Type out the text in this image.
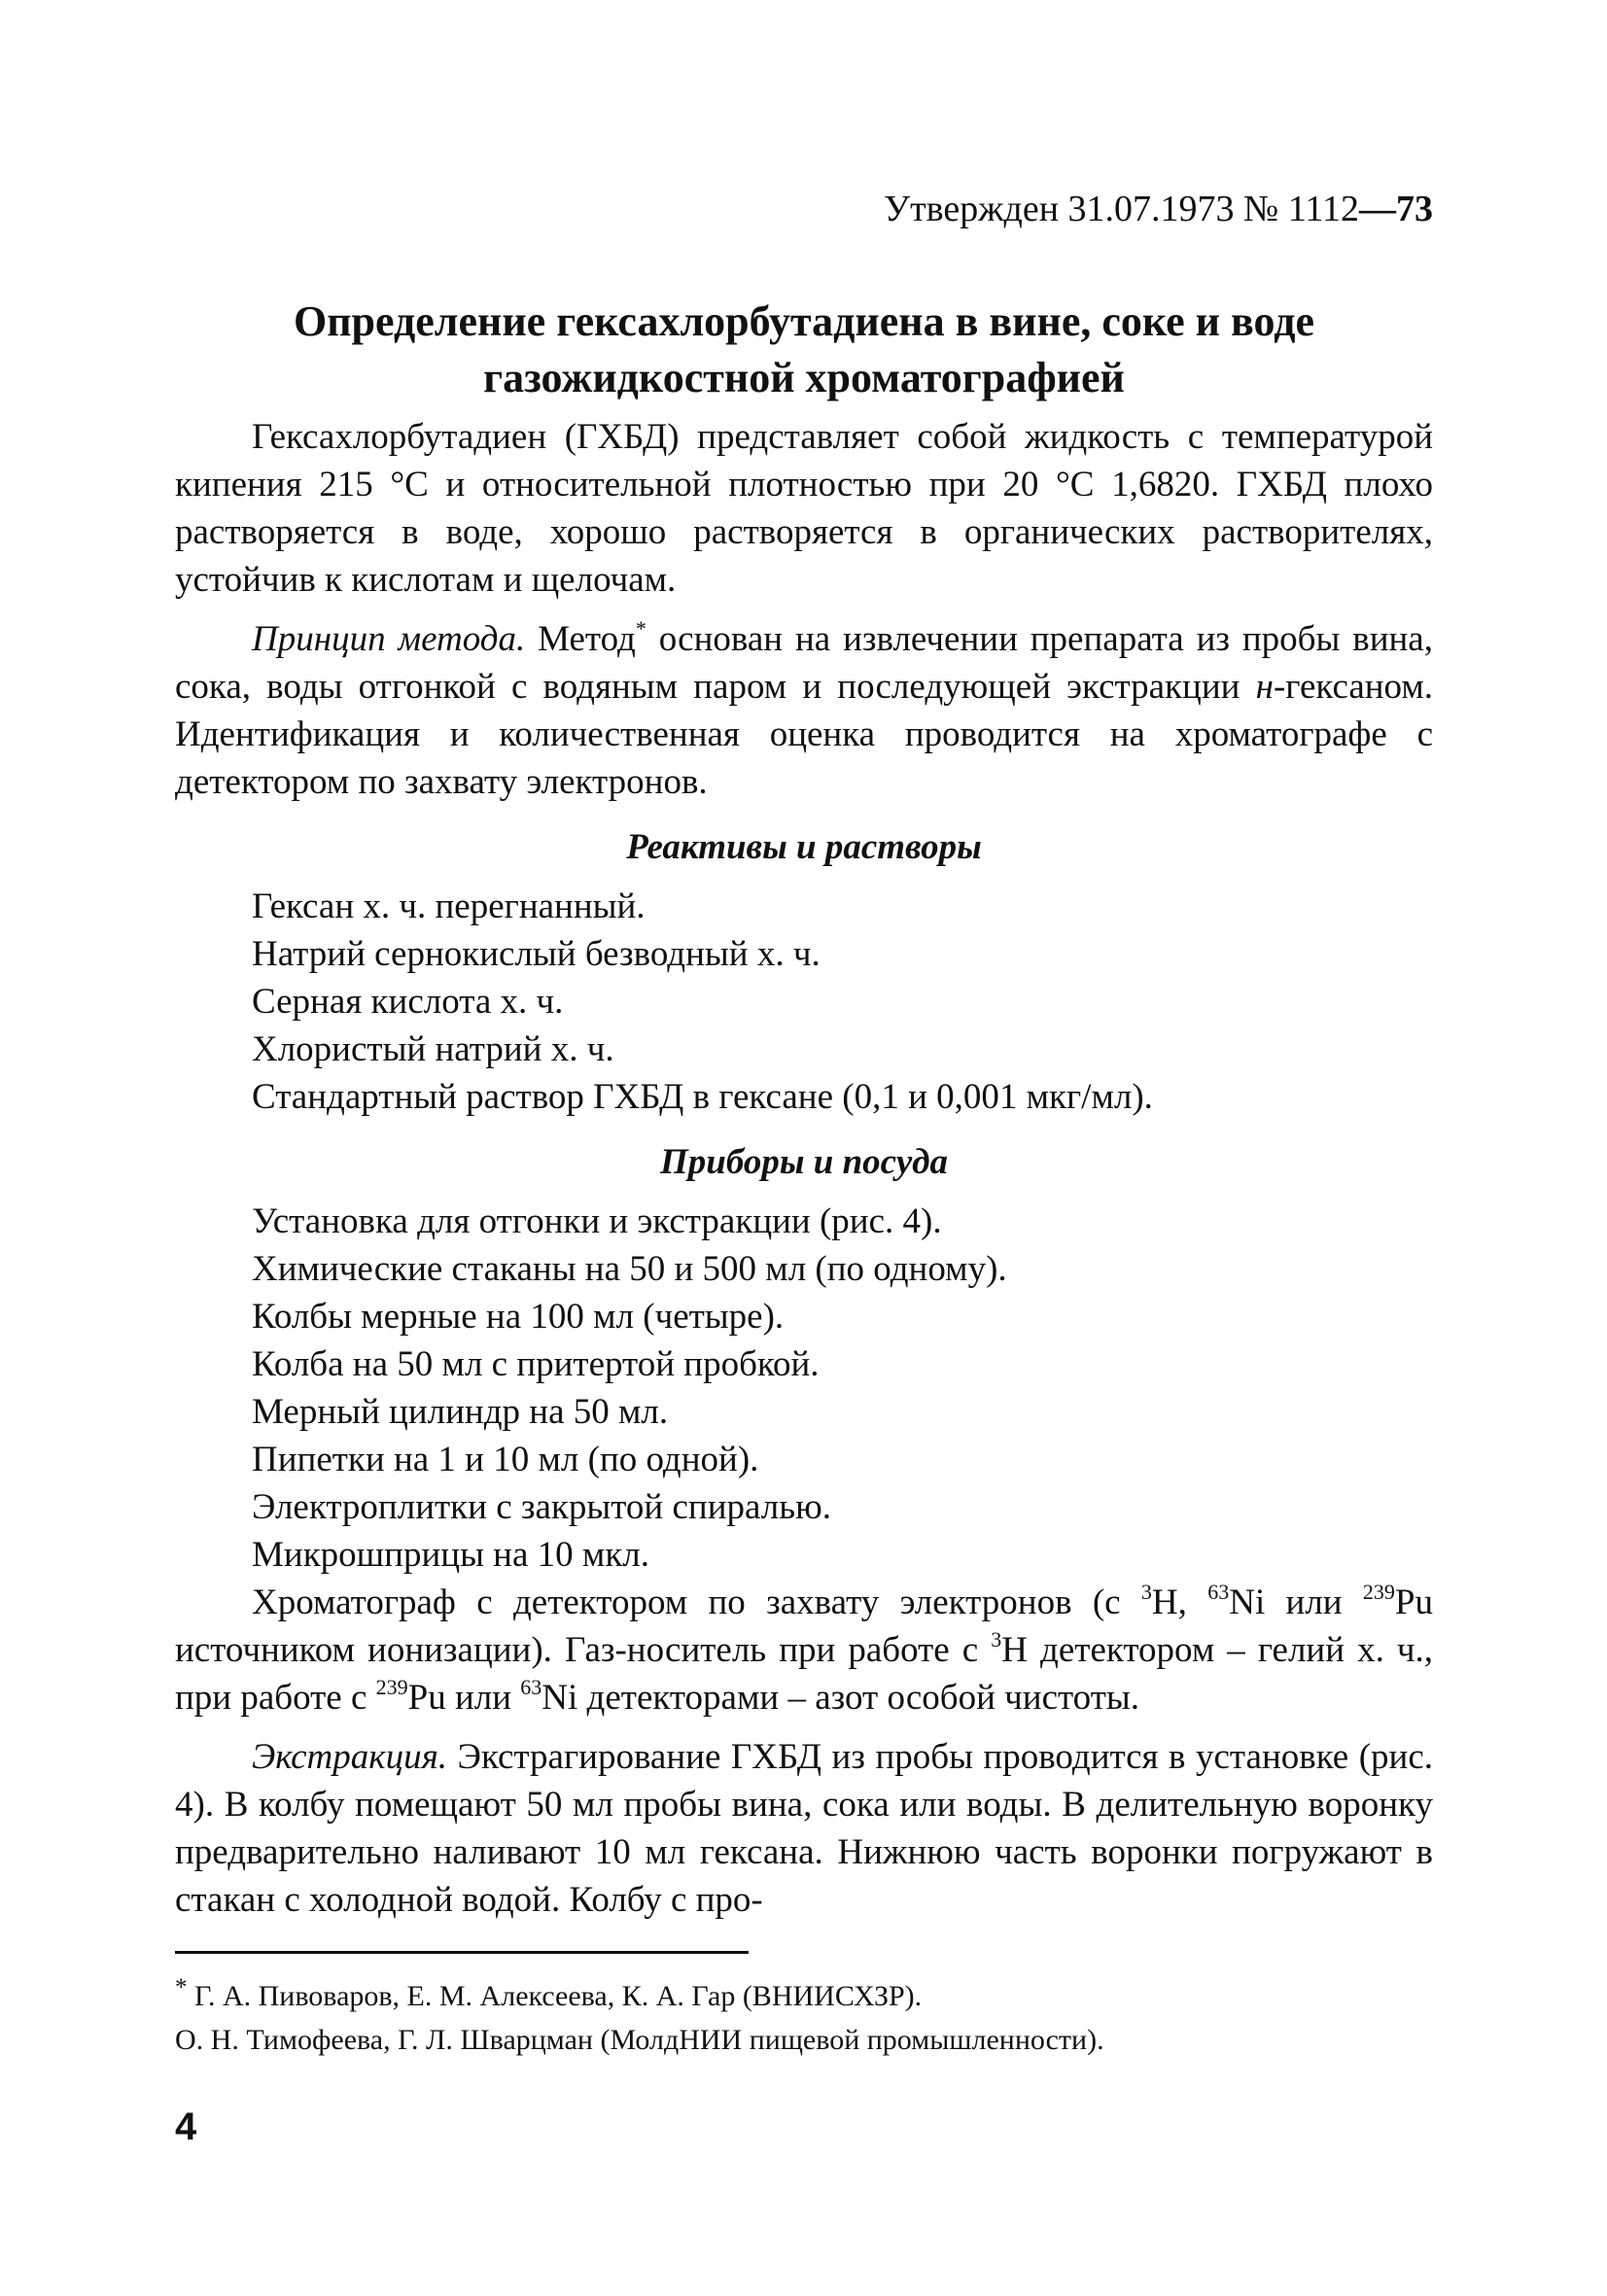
Утвержден 31.07.1973 № 1112—73
Определение гексахлорбутадиена в вине, соке и воде
газожидкостной хроматографией

Гексахлорбутадиен (ГХБД) представляет собой жидкость с температурой кипения 215 °С и относительной плотностью при 20 °С 1,6820. ГХБД плохо растворяется в воде, хорошо растворяется в органических растворителях, устойчив к кислотам и щелочам.

Принцип метода. Метод* основан на извлечении препарата из пробы вина, сока, воды отгонкой с водяным паром и последующей экстракции н-гексаном. Идентификация и количественная оценка проводится на хроматографе с детектором по захвату электронов.

Реактивы и растворы
Гексан х. ч. перегнанный.
Натрий сернокислый безводный х. ч.
Серная кислота х. ч.
Хлористый натрий х. ч.
Стандартный раствор ГХБД в гексане (0,1 и 0,001 мкг/мл).
Приборы и посуда
Установка для отгонки и экстракции (рис. 4).
Химические стаканы на 50 и 500 мл (по одному).
Колбы мерные на 100 мл (четыре).
Колба на 50 мл с притертой пробкой.
Мерный цилиндр на 50 мл.
Пипетки на 1 и 10 мл (по одной).
Электроплитки с закрытой спиралью.
Микрошприцы на 10 мкл.

Хроматограф с детектором по захвату электронов (с $^3$Н, $^{63}$Ni или $^{239}$Pu источником ионизации). Газ-носитель при работе с $^3$Н детектором – гелий х. ч., при работе с $^{239}$Pu или $^{63}$Ni детекторами – азот особой чистоты.

Экстракция. Экстрагирование ГХБД из пробы проводится в установке (рис. 4). В колбу помещают 50 мл пробы вина, сока или воды. В делительную воронку предварительно наливают 10 мл гексана. Нижнюю часть воронки погружают в стакан с холодной водой. Колбу с про-

* Г. А. Пивоваров, Е. М. Алексеева, К. А. Гар (ВНИИСХЗР).
О. Н. Тимофеева, Г. Л. Шварцман (МолдНИИ пищевой промышленности).
4
